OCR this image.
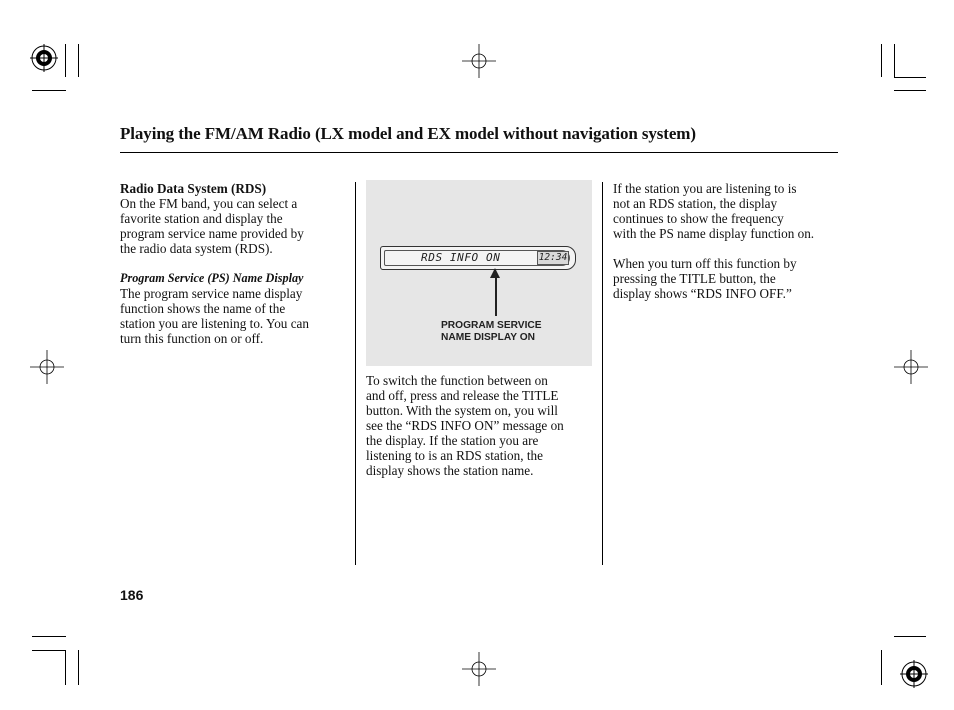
Playing the FM/AM Radio (LX model and EX model without navigation system)
Radio Data System (RDS)
On the FM band, you can select a
favorite station and display the
program service name provided by
the radio data system (RDS).
Program Service (PS) Name Display
The program service name display
function shows the name of the
station you are listening to. You can
turn this function on or off.
RDS INFO ON	12:34
PROGRAM SERVICE
NAME DISPLAY ON
To switch the function between on
and off, press and release the TITLE
button. With the system on, you will
see the “RDS INFO ON” message on
the display. If the station you are
listening to is an RDS station, the
display shows the station name.
If the station you are listening to is
not an RDS station, the display
continues to show the frequency
with the PS name display function on.
When you turn off this function by
pressing the TITLE button, the
display shows “RDS INFO OFF.”
186
